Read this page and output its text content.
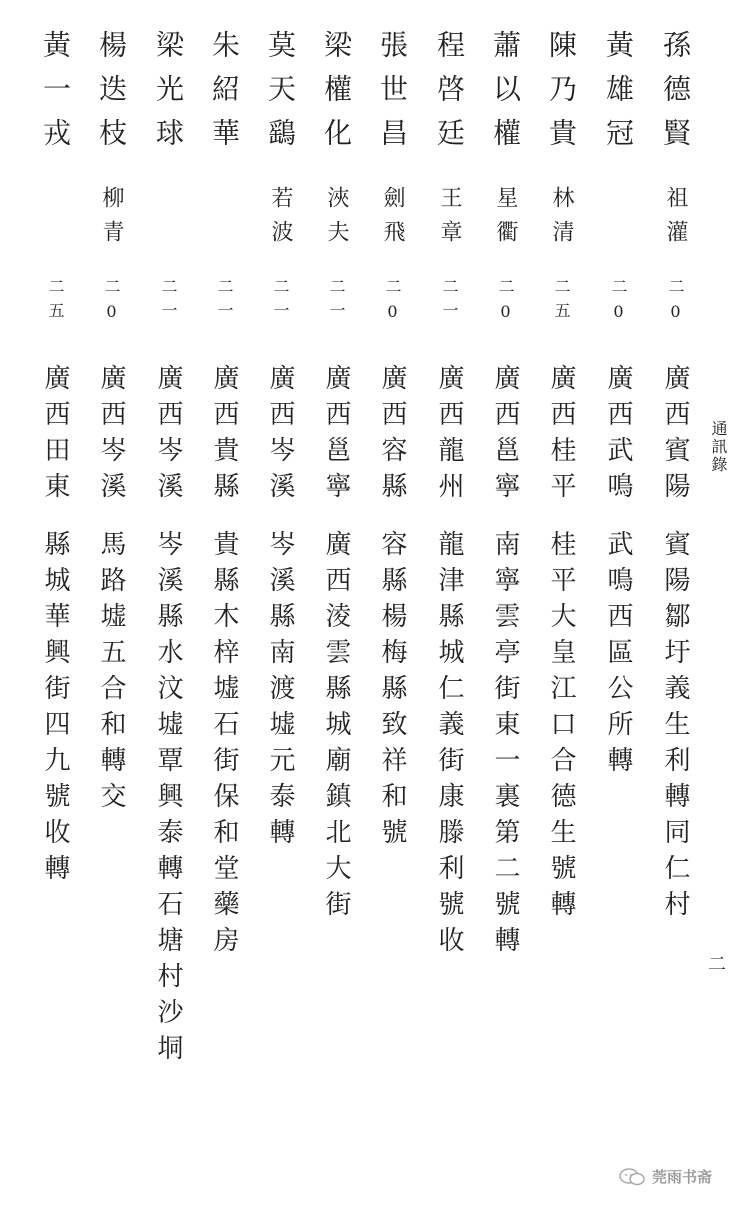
通訊錄
二
孫德賢
祖灌
二0
廣西賓陽
賓陽鄒圩義生利轉同仁村
黃雄冠
二0
廣西武鳴
武鳴西區公所轉
陳乃貴
林清
二五
廣西桂平
桂平大皇江口合德生號轉
蕭以權
星衢
二0
廣西邕寧
南寧雲亭街東一裏第二號轉
程啓廷
王章
二一
廣西龍州
龍津縣城仁義街康滕利號收
張世昌
劍飛
二0
廣西容縣
容縣楊梅縣致祥和號
梁權化
浹夫
二一
廣西邕寧
廣西淩雲縣城廟鎮北大街
莫天鷂
若波
二一
廣西岑溪
岑溪縣南渡墟元泰轉
朱紹華
二一
廣西貴縣
貴縣木梓墟石街保和堂藥房
梁光球
二一
廣西岑溪
岑溪縣水汶墟覃興泰轉石塘村沙垌
楊迭枝
柳青
二0
廣西岑溪
馬路墟五合和轉交
黃一戎
二五
廣西田東
縣城華興街四九號收轉
莞雨书斋
